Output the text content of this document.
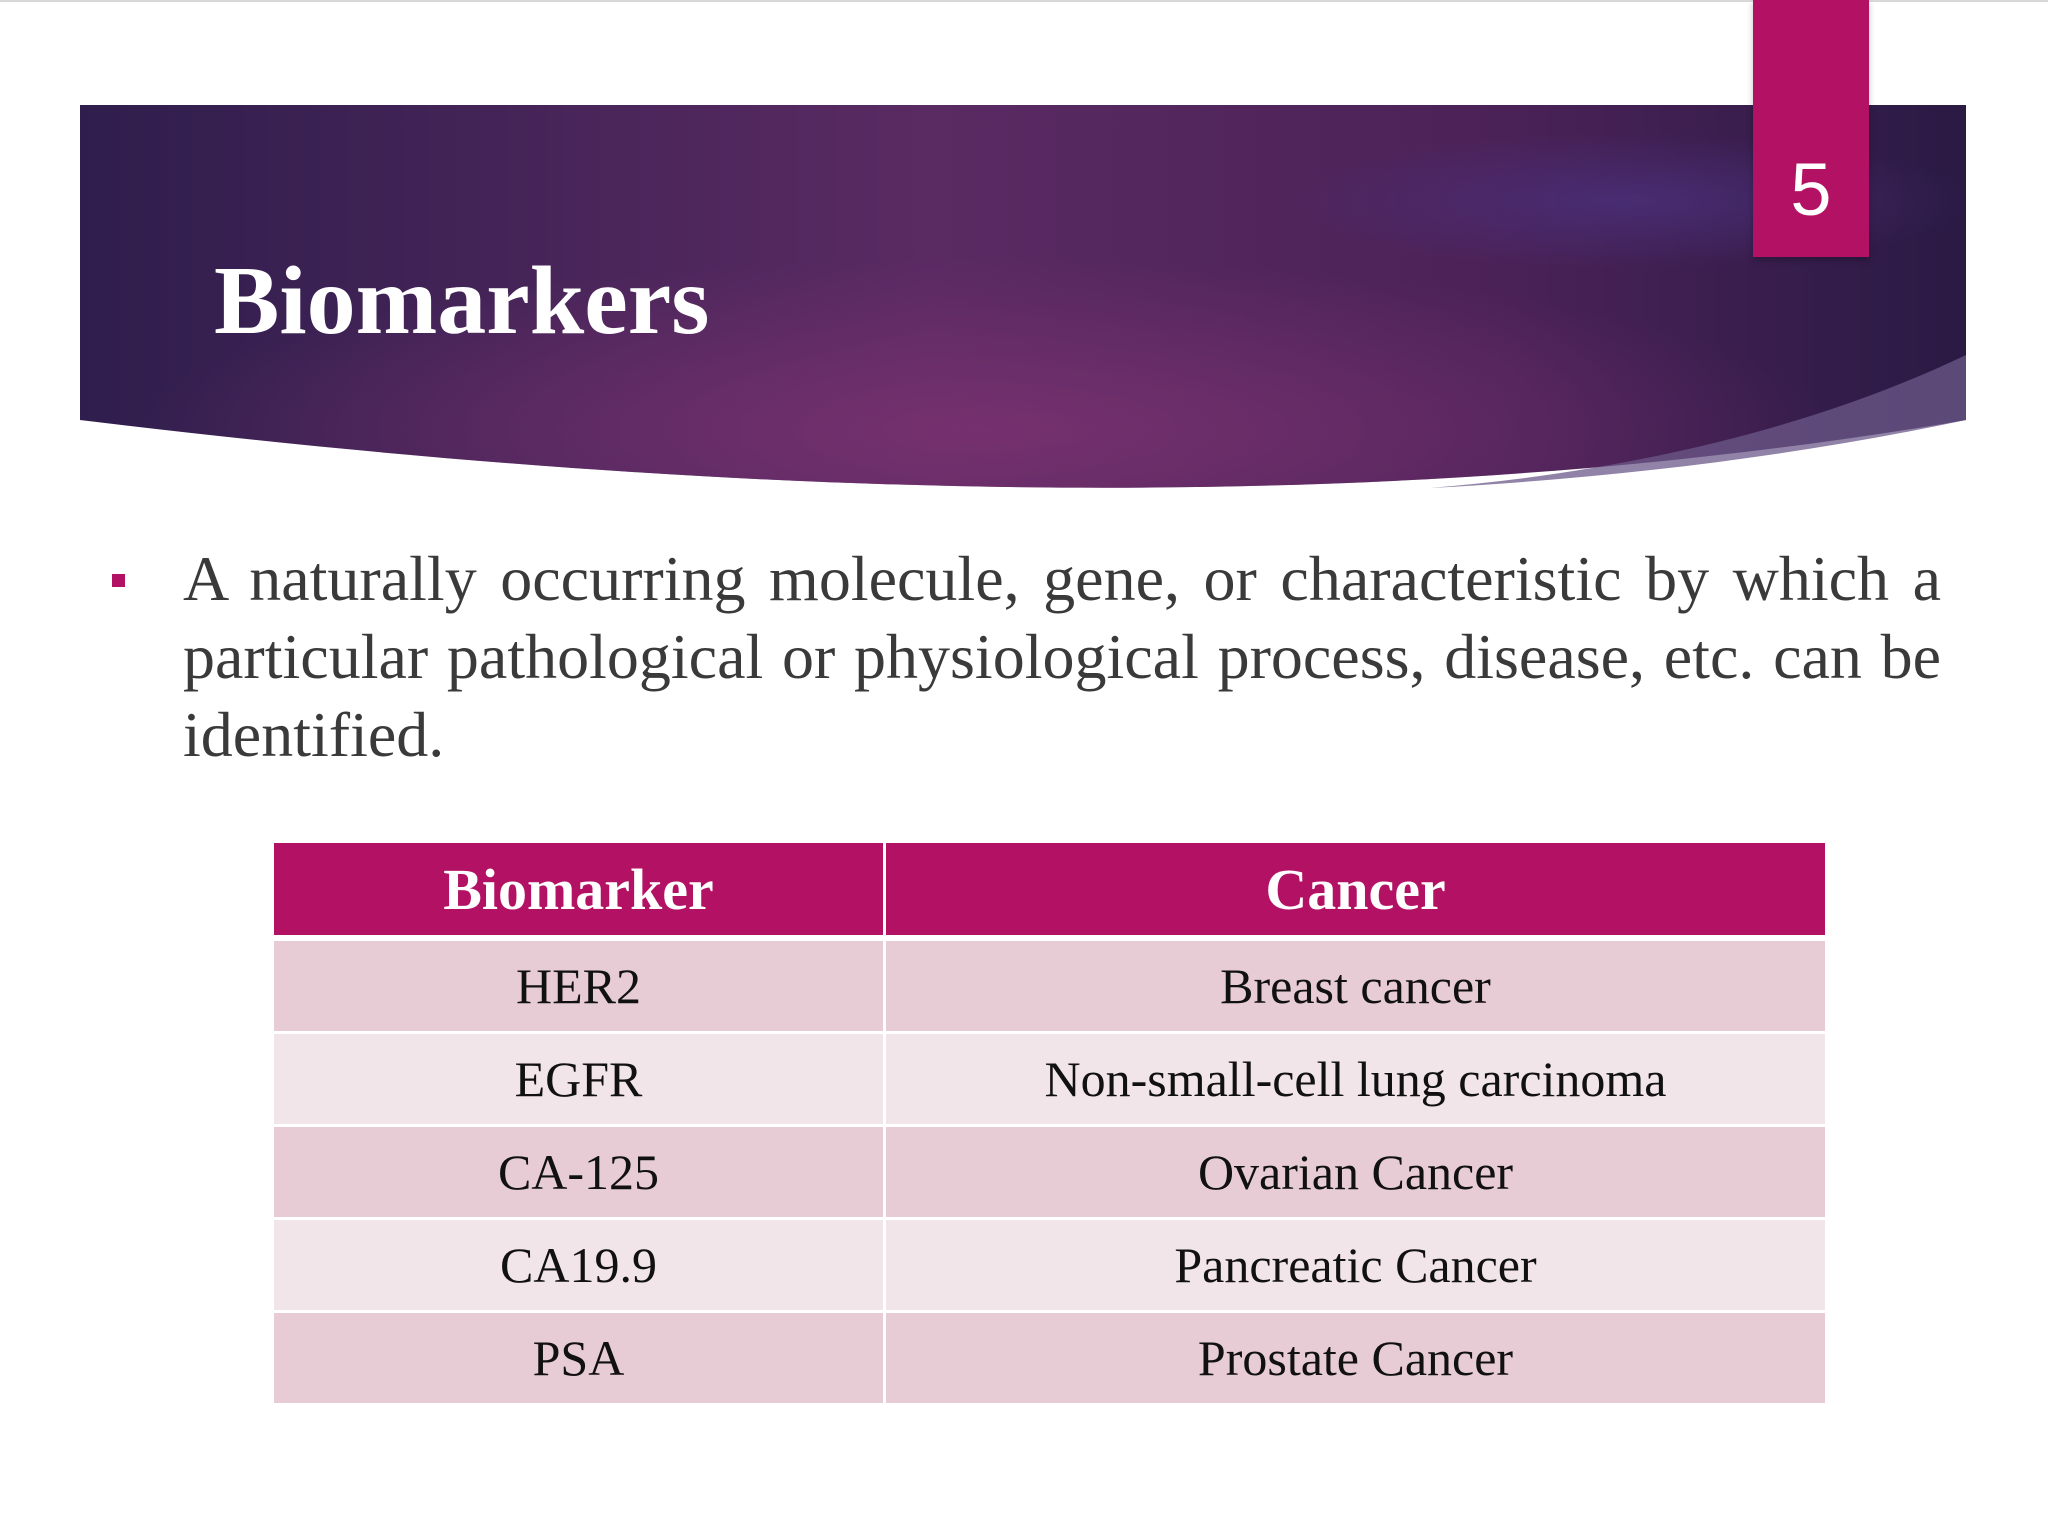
5
Biomarkers

A naturally occurring molecule, gene, or characteristic by which a particular pathological or physiological process, disease, etc. can be identified.

Biomarker	Cancer
HER2	Breast cancer
EGFR	Non-small-cell lung carcinoma
CA-125	Ovarian Cancer
CA19.9	Pancreatic Cancer
PSA	Prostate Cancer
